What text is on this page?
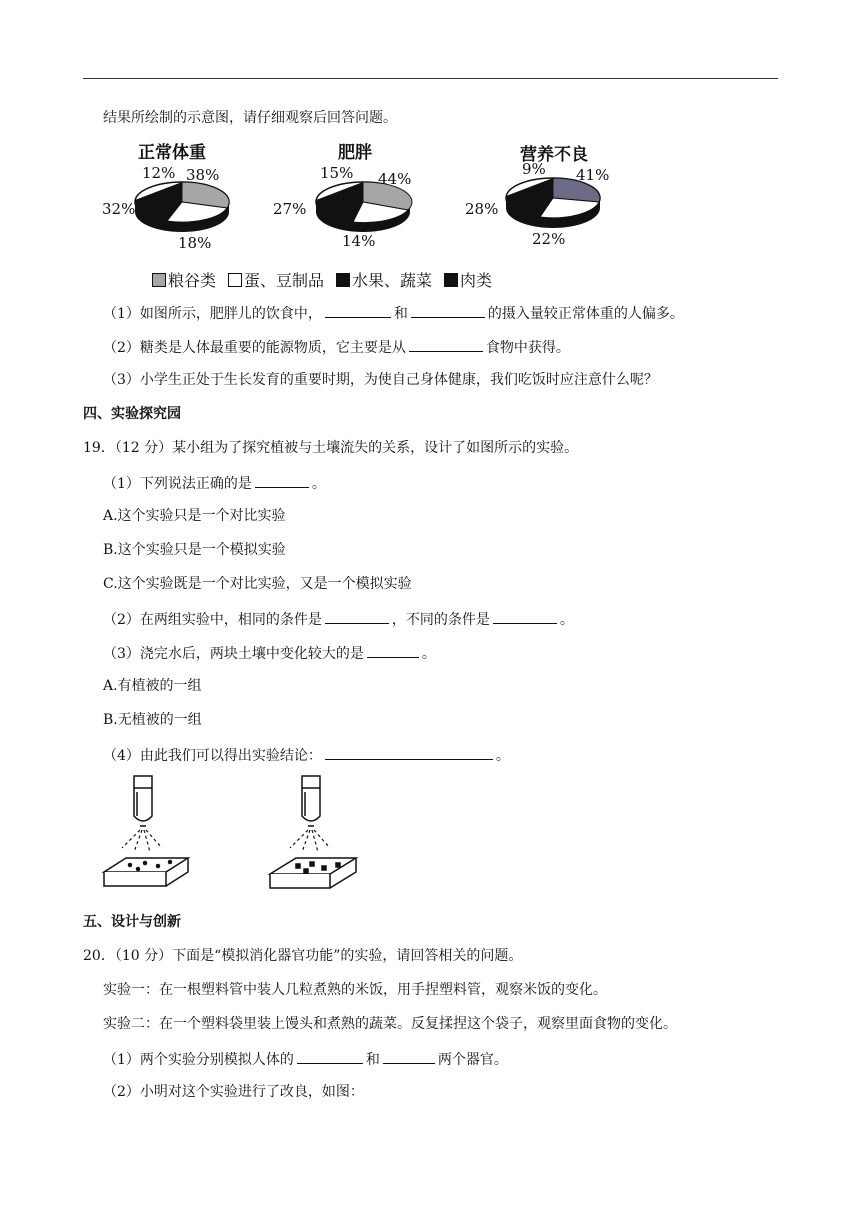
结果所绘制的示意图，请仔细观察后回答问题。
正常体重
12% 38%
32%
18%
肥胖
15% 44%
27%
14%
营养不良
9% 41%
28%
22%
粮谷类 蛋、豆制品 水果、蔬菜 肉类
（1）如图所示，肥胖儿的饮食中，	和	的摄入量较正常体重的人偏多。
（2）糖类是人体最重要的能源物质，它主要是从	食物中获得。
（3）小学生正处于生长发育的重要时期，为使自己身体健康，我们吃饭时应注意什么呢？
四、实验探究园
19．（12 分）某小组为了探究植被与土壤流失的关系，设计了如图所示的实验。
（1）下列说法正确的是	。
A.这个实验只是一个对比实验
B.这个实验只是一个模拟实验
C.这个实验既是一个对比实验，又是一个模拟实验
（2）在两组实验中，相同的条件是	，不同的条件是	。
（3）浇完水后，两块土壤中变化较大的是	。
A.有植被的一组
B.无植被的一组
（4）由此我们可以得出实验结论：	。
五、设计与创新
20．（10 分）下面是“模拟消化器官功能”的实验，请回答相关的问题。
实验一：在一根塑料管中装人几粒煮熟的米饭，用手捏塑料管，观察米饭的变化。
实验二：在一个塑料袋里装上馒头和煮熟的蔬菜。反复揉捏这个袋子，观察里面食物的变化。
（1）两个实验分别模拟人体的	和	两个器官。
（2）小明对这个实验进行了改良，如图：
